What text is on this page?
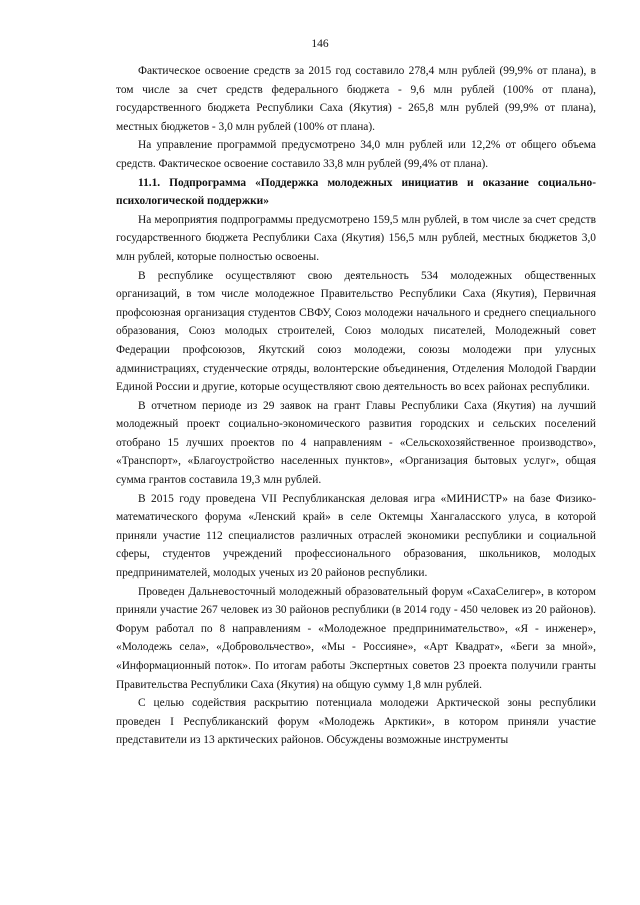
146

Фактическое освоение средств за 2015 год составило 278,4 млн рублей (99,9% от плана), в том числе за счет средств федерального бюджета - 9,6 млн рублей (100% от плана), государственного бюджета Республики Саха (Якутия) - 265,8 млн рублей (99,9% от плана), местных бюджетов - 3,0 млн рублей (100% от плана).

На управление программой предусмотрено 34,0 млн рублей или 12,2% от общего объема средств. Фактическое освоение составило 33,8 млн рублей (99,4% от плана).

11.1. Подпрограмма «Поддержка молодежных инициатив и оказание социально-психологической поддержки»

На мероприятия подпрограммы предусмотрено 159,5 млн рублей, в том числе за счет средств государственного бюджета Республики Саха (Якутия) 156,5 млн рублей, местных бюджетов 3,0 млн рублей, которые полностью освоены.

В республике осуществляют свою деятельность 534 молодежных общественных организаций, в том числе молодежное Правительство Республики Саха (Якутия), Первичная профсоюзная организация студентов СВФУ, Союз молодежи начального и среднего специального образования, Союз молодых строителей, Союз молодых писателей, Молодежный совет Федерации профсоюзов, Якутский союз молодежи, союзы молодежи при улусных администрациях, студенческие отряды, волонтерские объединения, Отделения Молодой Гвардии Единой России и другие, которые осуществляют свою деятельность во всех районах республики.

В отчетном периоде из 29 заявок на грант Главы Республики Саха (Якутия) на лучший молодежный проект социально-экономического развития городских и сельских поселений отобрано 15 лучших проектов по 4 направлениям - «Сельскохозяйственное производство», «Транспорт», «Благоустройство населенных пунктов», «Организация бытовых услуг», общая сумма грантов составила 19,3 млн рублей.

В 2015 году проведена VII Республиканская деловая игра «МИНИСТР» на базе Физико-математического форума «Ленский край» в селе Октемцы Хангаласского улуса, в которой приняли участие 112 специалистов различных отраслей экономики республики и социальной сферы, студентов учреждений профессионального образования, школьников, молодых предпринимателей, молодых ученых из 20 районов республики.

Проведен Дальневосточный молодежный образовательный форум «СахаСелигер», в котором приняли участие 267 человек из 30 районов республики (в 2014 году - 450 человек из 20 районов). Форум работал по 8 направлениям - «Молодежное предпринимательство», «Я - инженер», «Молодежь села», «Добровольчество», «Мы - Россияне», «Арт Квадрат», «Беги за мной», «Информационный поток». По итогам работы Экспертных советов 23 проекта получили гранты Правительства Республики Саха (Якутия) на общую сумму 1,8 млн рублей.

С целью содействия раскрытию потенциала молодежи Арктической зоны республики проведен I Республиканский форум «Молодежь Арктики», в котором приняли участие представители из 13 арктических районов. Обсуждены возможные инструменты
